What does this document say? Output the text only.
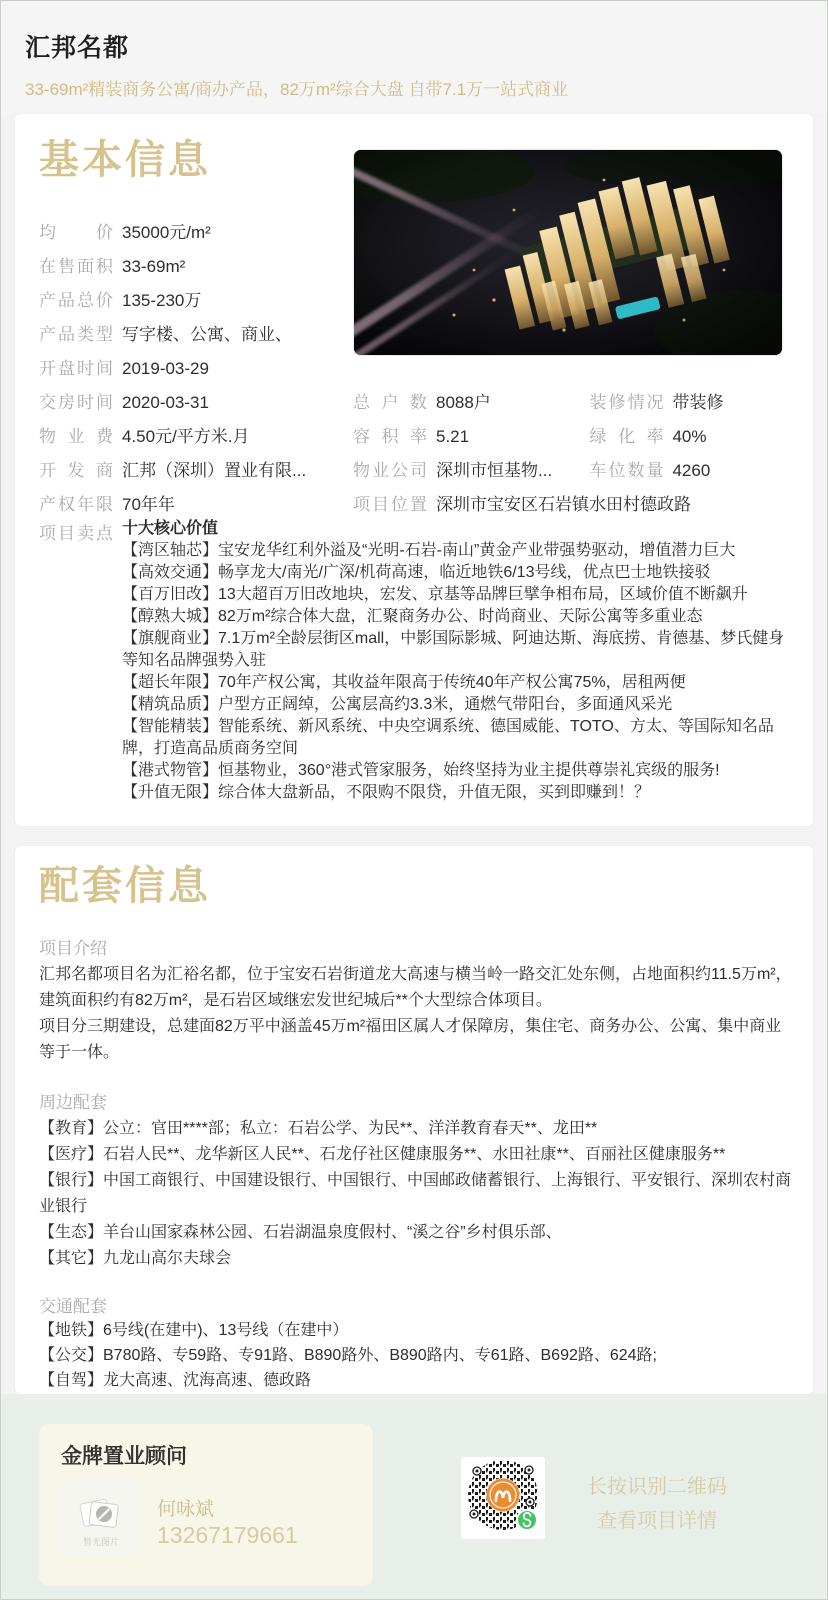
汇邦名都
33-69m²精装商务公寓/商办产品，82万m²综合大盘 自带7.1万一站式商业
基本信息
均价 35000元/m²
在售面积 33-69m²
产品总价 135-230万
产品类型 写字楼、公寓、商业、
开盘时间 2019-03-29
交房时间 2020-03-31
物业费 4.50元/平方米.月
开发商 汇邦（深圳）置业有限...
产权年限 70年年
总户数 8088户	装修情况 带装修
容积率 5.21	绿化率 40%
物业公司 深圳市恒基物... 车位数量 4260
项目位置 深圳市宝安区石岩镇水田村德政路
项目卖点 十大核心价值

【湾区轴芯】宝安龙华红利外溢及“光明-石岩-南山”黄金产业带强势驱动，增值潜力巨大

【高效交通】畅享龙大/南光/广深/机荷高速，临近地铁6/13号线，优点巴士地铁接驳

【百万旧改】13大超百万旧改地块，宏发、京基等品牌巨擘争相布局，区域价值不断飙升

【醇熟大城】82万m²综合体大盘，汇聚商务办公、时尚商业、天际公寓等多重业态

【旗舰商业】7.1万m²全龄层街区mall，中影国际影城、阿迪达斯、海底捞、肯德基、梦氏健身等知名品牌强势入驻

【超长年限】70年产权公寓，其收益年限高于传统40年产权公寓75%，居租两便

【精筑品质】户型方正阔绰，公寓层高约3.3米，通燃气带阳台，多面通风采光

【智能精装】智能系统、新风系统、中央空调系统、德国威能、TOTO、方太、等国际知名品牌，打造高品质商务空间

【港式物管】恒基物业，360°港式管家服务，始终坚持为业主提供尊崇礼宾级的服务!

【升值无限】综合体大盘新品，不限购不限贷，升值无限，买到即赚到！？

配套信息
项目介绍

汇邦名都项目名为汇裕名都，位于宝安石岩街道龙大高速与横当岭一路交汇处东侧，占地面积约11.5万m²，建筑面积约有82万m²，是石岩区域继宏发世纪城后**个大型综合体项目。

项目分三期建设，总建面82万平中涵盖45万m²福田区属人才保障房，集住宅、商务办公、公寓、集中商业等于一体。

周边配套

【教育】公立：官田****部；私立：石岩公学、为民**、洋洋教育春天**、龙田**

【医疗】石岩人民**、龙华新区人民**、石龙仔社区健康服务**、水田社康**、百丽社区健康服务**

【银行】中国工商银行、中国建设银行、中国银行、中国邮政储蓄银行、上海银行、平安银行、深圳农村商业银行

【生态】羊台山国家森林公园、石岩湖温泉度假村、“溪之谷”乡村俱乐部、

【其它】九龙山高尔夫球会

交通配套

【地铁】6号线(在建中)、13号线（在建中）

【公交】B780路、专59路、专91路、B890路外、B890路内、专61路、B692路、624路;

【自驾】龙大高速、沈海高速、德政路

金牌置业顾问
暂无图片
何咏斌
13267179661
长按识别二维码
查看项目详情
